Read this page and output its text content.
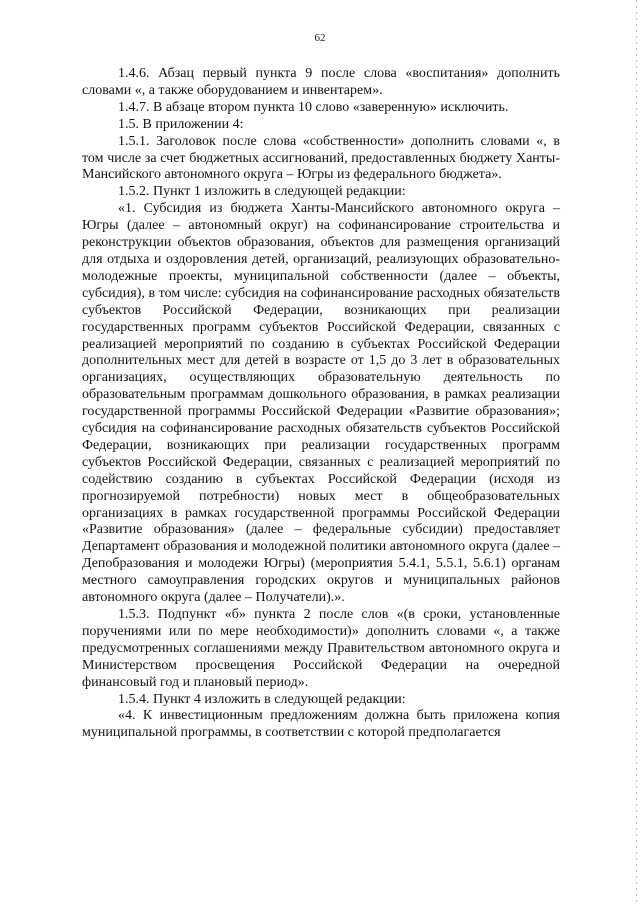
62

1.4.6. Абзац первый пункта 9 после слова «воспитания» дополнить словами «, а также оборудованием и инвентарем».

1.4.7. В абзаце втором пункта 10 слово «заверенную» исключить.

1.5. В приложении 4:

1.5.1. Заголовок после слова «собственности» дополнить словами «, в том числе за счет бюджетных ассигнований, предоставленных бюджету Ханты-Мансийского автономного округа – Югры из федерального бюджета».

1.5.2. Пункт 1 изложить в следующей редакции:

«1. Субсидия из бюджета Ханты-Мансийского автономного округа – Югры (далее – автономный округ) на софинансирование строительства и реконструкции объектов образования, объектов для размещения организаций для отдыха и оздоровления детей, организаций, реализующих образовательно-молодежные проекты, муниципальной собственности (далее – объекты, субсидия), в том числе: субсидия на софинансирование расходных обязательств субъектов Российской Федерации, возникающих при реализации государственных программ субъектов Российской Федерации, связанных с реализацией мероприятий по созданию в субъектах Российской Федерации дополнительных мест для детей в возрасте от 1,5 до 3 лет в образовательных организациях, осуществляющих образовательную деятельность по образовательным программам дошкольного образования, в рамках реализации государственной программы Российской Федерации «Развитие образования»; субсидия на софинансирование расходных обязательств субъектов Российской Федерации, возникающих при реализации государственных программ субъектов Российской Федерации, связанных с реализацией мероприятий по содействию созданию в субъектах Российской Федерации (исходя из прогнозируемой потребности) новых мест в общеобразовательных организациях в рамках государственной программы Российской Федерации «Развитие образования» (далее – федеральные субсидии) предоставляет Департамент образования и молодежной политики автономного округа (далее – Депобразования и молодежи Югры) (мероприятия 5.4.1, 5.5.1, 5.6.1) органам местного самоуправления городских округов и муниципальных районов автономного округа (далее – Получатели).».

1.5.3. Подпункт «б» пункта 2 после слов «(в сроки, установленные поручениями или по мере необходимости)» дополнить словами «, а также предусмотренных соглашениями между Правительством автономного округа и Министерством просвещения Российской Федерации на очередной финансовый год и плановый период».

1.5.4. Пункт 4 изложить в следующей редакции:

«4. К инвестиционным предложениям должна быть приложена копия муниципальной программы, в соответствии с которой предполагается
